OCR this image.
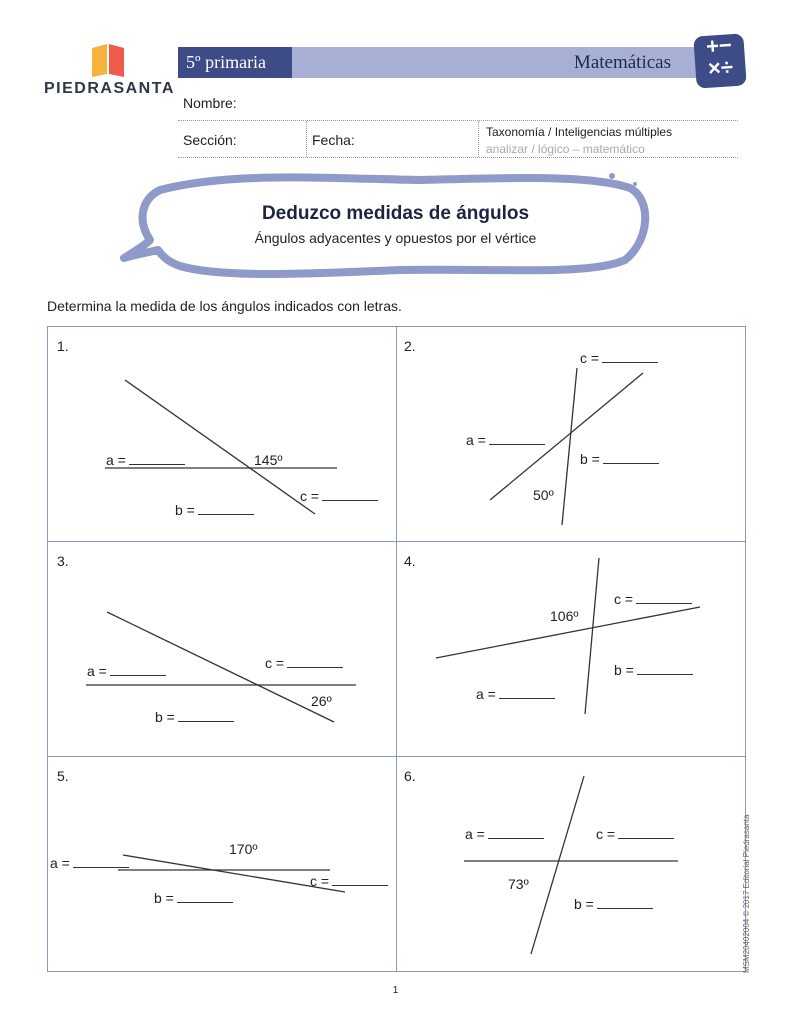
PIEDRASANTA
5º primaria	Matemáticas
+−
×÷
Nombre:
Sección:	Fecha:	Taxonomía / Inteligencias múltiples
analizar / lógico – matemático
Deduzco medidas de ángulos
Ángulos adyacentes y opuestos por el vértice
Determina la medida de los ángulos indicados con letras.
1.
a =	145º
c =
b =
2.
c =
a =
b =
50º
3.
c =
a =
26º
b =
4.
c =
106º
b =
a =
5.
170º
a =
c =
b =
6.
a =	c =
73º
b =	MSM20402004 © 2017 Editorial Piedrasanta
1
